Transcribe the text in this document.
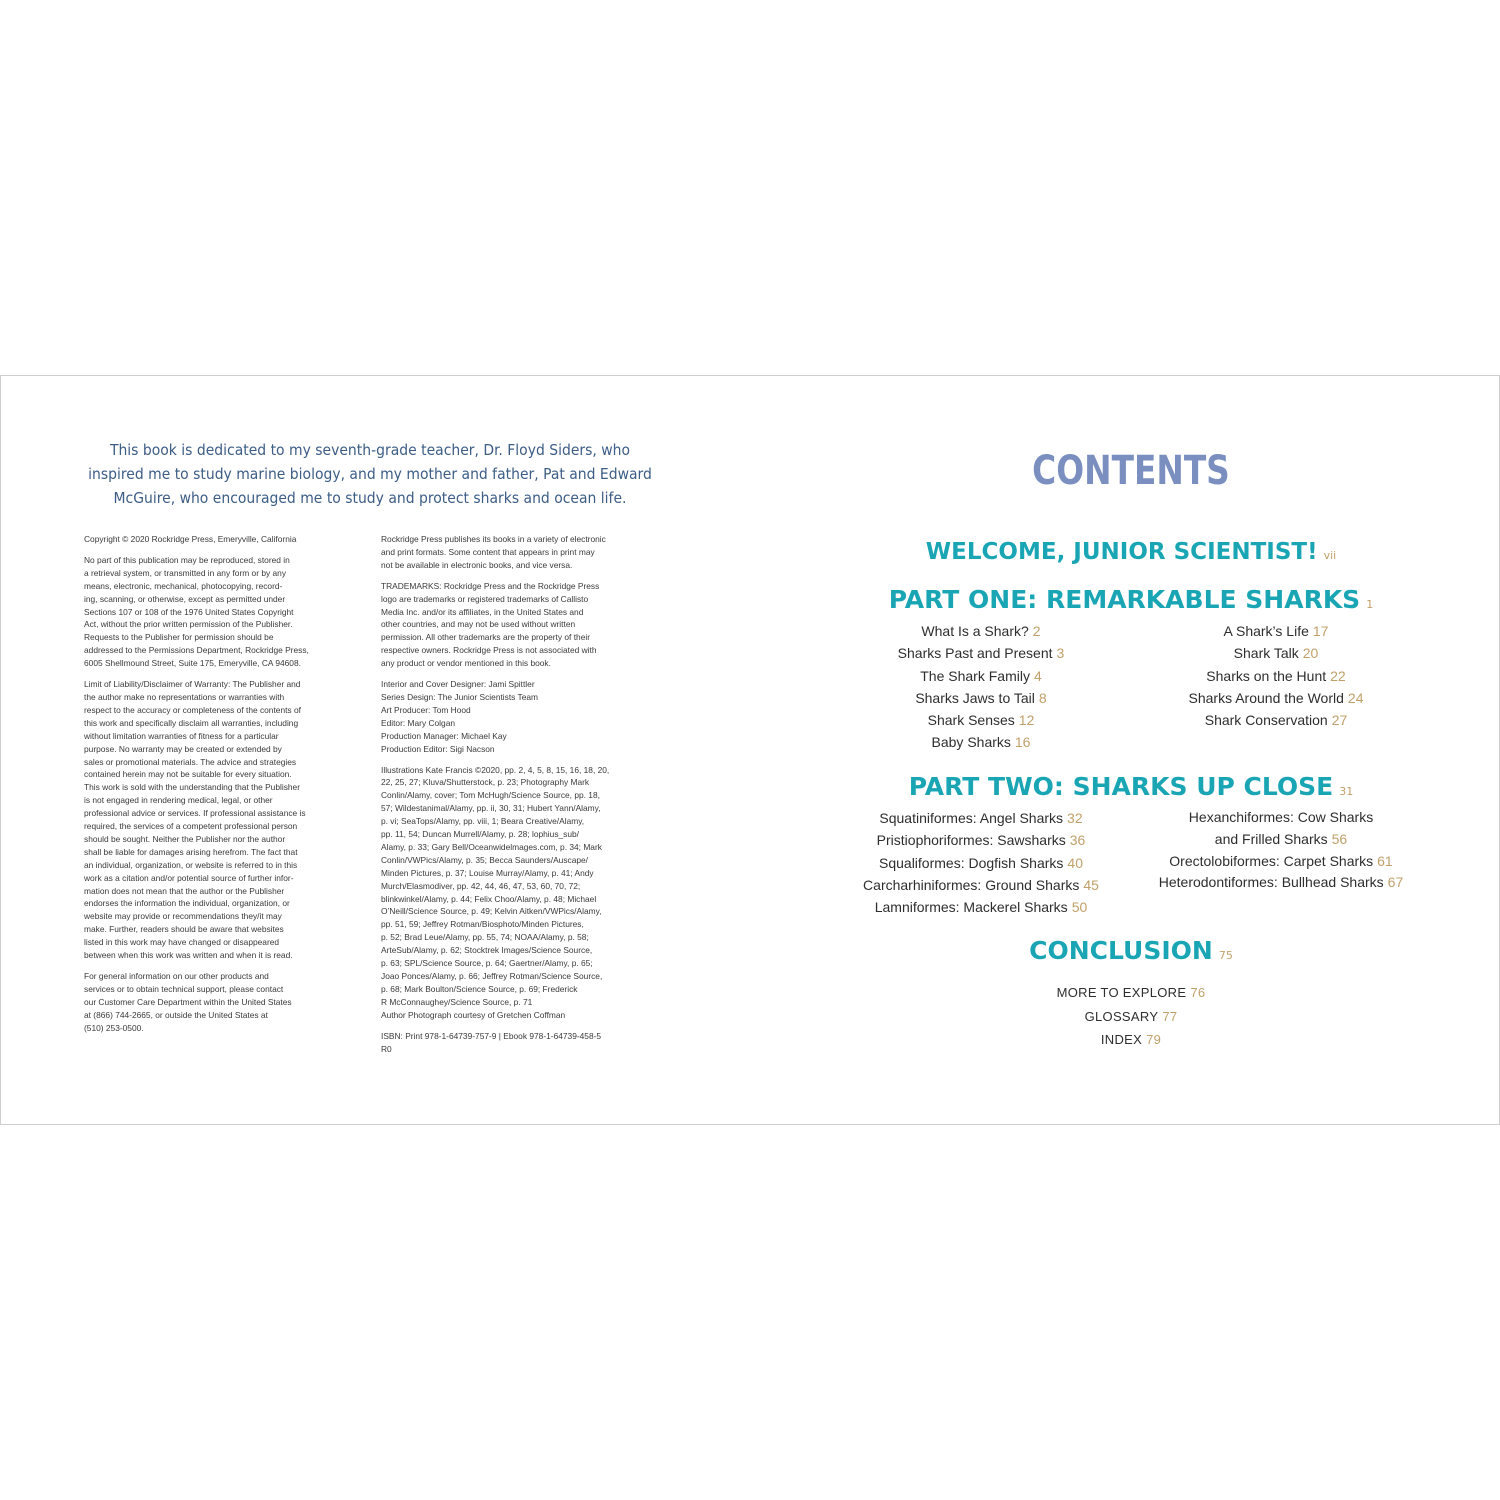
This book is dedicated to my seventh-grade teacher, Dr. Floyd Siders, who inspired me to study marine biology, and my mother and father, Pat and Edward McGuire, who encouraged me to study and protect sharks and ocean life.

Copyright © 2020 Rockridge Press, Emeryville, California

No part of this publication may be reproduced, stored in
a retrieval system, or transmitted in any form or by any
means, electronic, mechanical, photocopying, record-
ing, scanning, or otherwise, except as permitted under
Sections 107 or 108 of the 1976 United States Copyright
Act, without the prior written permission of the Publisher.
Requests to the Publisher for permission should be
addressed to the Permissions Department, Rockridge Press,
6005 Shellmound Street, Suite 175, Emeryville, CA 94608.

Limit of Liability/Disclaimer of Warranty: The Publisher and
the author make no representations or warranties with
respect to the accuracy or completeness of the contents of
this work and specifically disclaim all warranties, including
without limitation warranties of fitness for a particular
purpose. No warranty may be created or extended by
sales or promotional materials. The advice and strategies
contained herein may not be suitable for every situation.
This work is sold with the understanding that the Publisher
is not engaged in rendering medical, legal, or other
professional advice or services. If professional assistance is
required, the services of a competent professional person
should be sought. Neither the Publisher nor the author
shall be liable for damages arising herefrom. The fact that
an individual, organization, or website is referred to in this
work as a citation and/or potential source of further infor-
mation does not mean that the author or the Publisher
endorses the information the individual, organization, or
website may provide or recommendations they/it may
make. Further, readers should be aware that websites
listed in this work may have changed or disappeared
between when this work was written and when it is read.

For general information on our other products and
services or to obtain technical support, please contact
our Customer Care Department within the United States
at (866) 744-2665, or outside the United States at
(510) 253-0500.

Rockridge Press publishes its books in a variety of electronic
and print formats. Some content that appears in print may
not be available in electronic books, and vice versa.

TRADEMARKS: Rockridge Press and the Rockridge Press
logo are trademarks or registered trademarks of Callisto
Media Inc. and/or its affiliates, in the United States and
other countries, and may not be used without written
permission. All other trademarks are the property of their
respective owners. Rockridge Press is not associated with
any product or vendor mentioned in this book.

Interior and Cover Designer: Jami Spittler
Series Design: The Junior Scientists Team
Art Producer: Tom Hood
Editor: Mary Colgan
Production Manager: Michael Kay
Production Editor: Sigi Nacson

Illustrations Kate Francis ©2020, pp. 2, 4, 5, 8, 15, 16, 18, 20,
22, 25, 27; Kluva/Shutterstock, p. 23; Photography Mark
Conlin/Alamy, cover; Tom McHugh/Science Source, pp. 18,
57; Wildestanimal/Alamy, pp. ii, 30, 31; Hubert Yann/Alamy,
p. vi; SeaTops/Alamy, pp. viii, 1; Beara Creative/Alamy,
pp. 11, 54; Duncan Murrell/Alamy, p. 28; lophius_sub/
Alamy, p. 33; Gary Bell/Oceanwidelmages.com, p. 34; Mark
Conlin/VWPics/Alamy, p. 35; Becca Saunders/Auscape/
Minden Pictures, p. 37; Louise Murray/Alamy, p. 41; Andy
Murch/Elasmodiver, pp. 42, 44, 46, 47, 53, 60, 70, 72;
blinkwinkel/Alamy, p. 44; Felix Choo/Alamy, p. 48; Michael
O’Neill/Science Source, p. 49; Kelvin Aitken/VWPics/Alamy,
pp. 51, 59; Jeffrey Rotman/Biosphoto/Minden Pictures,
p. 52; Brad Leue/Alamy, pp. 55, 74; NOAA/Alamy, p. 58;
ArteSub/Alamy, p. 62; Stocktrek Images/Science Source,
p. 63; SPL/Science Source, p. 64; Gaertner/Alamy, p. 65;
Joao Ponces/Alamy, p. 66; Jeffrey Rotman/Science Source,
p. 68; Mark Boulton/Science Source, p. 69; Frederick
R McConnaughey/Science Source, p. 71
Author Photograph courtesy of Gretchen Coffman

ISBN: Print 978-1-64739-757-9 | Ebook 978-1-64739-458-5
R0

CONTENTS
WELCOME, JUNIOR SCIENTIST! vii
PART ONE: REMARKABLE SHARKS 1
What Is a Shark? 2
Sharks Past and Present 3
The Shark Family 4
Sharks Jaws to Tail 8
Shark Senses 12
Baby Sharks 16
A Shark’s Life 17
Shark Talk 20
Sharks on the Hunt 22
Sharks Around the World 24
Shark Conservation 27
PART TWO: SHARKS UP CLOSE 31
Squatiniformes: Angel Sharks 32
Pristiophoriformes: Sawsharks 36
Squaliformes: Dogfish Sharks 40
Carcharhiniformes: Ground Sharks 45
Lamniformes: Mackerel Sharks 50
Hexanchiformes: Cow Sharks
and Frilled Sharks 56
Orectolobiformes: Carpet Sharks 61
Heterodontiformes: Bullhead Sharks 67
CONCLUSION 75
MORE TO EXPLORE 76
GLOSSARY 77
INDEX 79
